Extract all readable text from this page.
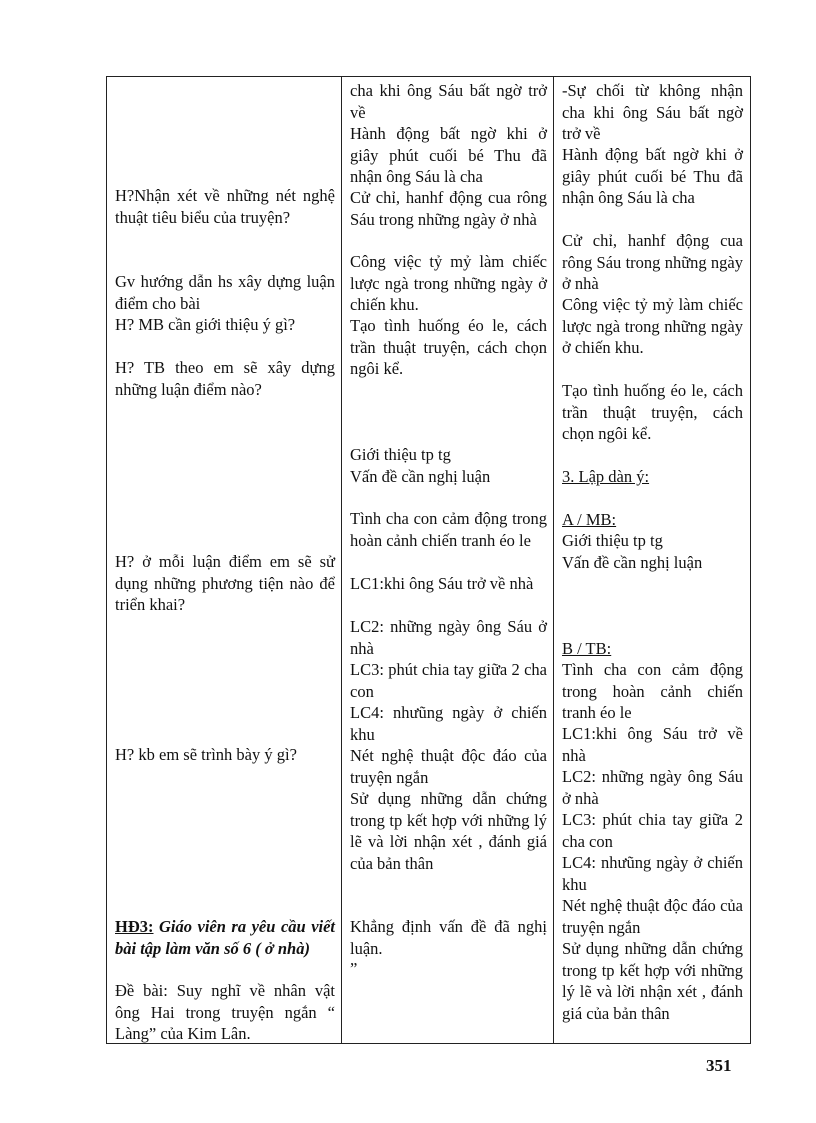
H?Nhận xét về những nét nghệ thuật tiêu biểu của truyện?
Gv hướng dẫn hs xây dựng luận điểm cho bài
H? MB cần giới thiệu ý gì?
H? TB theo em sẽ xây dựng những luận điểm nào?
H? ở mỗi luận điểm em sẽ sử dụng những phương tiện nào để triển khai?
H? kb em sẽ trình bày ý gì?
HĐ3: Giáo viên ra yêu cầu viết bài tập làm văn số 6 ( ở nhà)
Đề bài: Suy nghĩ về nhân vật ông Hai trong truyện ngắn “ Làng” của Kim Lân.
cha khi ông Sáu bất ngờ trở về
Hành động bất ngờ khi ở giây phút cuối bé Thu đã nhận ông Sáu là cha
Cử chỉ, hanhf động cua rông Sáu trong những ngày ở nhà
Công việc tỷ mỷ làm chiếc lược ngà trong những ngày ở chiến khu.
Tạo tình huống éo le, cách trần thuật truyện, cách chọn ngôi kể.
Giới thiệu tp tg
Vấn đề cần nghị luận
Tình cha con cảm động trong hoàn cảnh chiến tranh éo le
LC1:khi ông Sáu trở về nhà
LC2: những ngày ông Sáu ở nhà
LC3: phút chia tay giữa 2 cha con
LC4: nhưũng ngày ở chiến khu
Nét nghệ thuật độc đáo của truyện ngắn
Sử dụng những dẫn chứng trong tp kết hợp với những lý lẽ và lời nhận xét , đánh giá của bản thân
Khẳng định vấn đề đã nghị luận.
”
-Sự chối từ không nhận cha khi ông Sáu bất ngờ trở về
Hành động bất ngờ khi ở giây phút cuối bé Thu đã nhận ông Sáu là cha
Cử chỉ, hanhf động cua rông Sáu trong những ngày ở nhà
Công việc tỷ mỷ làm chiếc lược ngà trong những ngày ở chiến khu.
Tạo tình huống éo le, cách trần thuật truyện, cách chọn ngôi kể.
3. Lập dàn ý:
A / MB:
Giới thiệu tp tg
Vấn đề cần nghị luận
B / TB:
Tình cha con cảm động trong hoàn cảnh chiến tranh éo le
LC1:khi ông Sáu trở về nhà
LC2: những ngày ông Sáu ở nhà
LC3: phút chia tay giữa 2 cha con
LC4: nhưũng ngày ở chiến khu
Nét nghệ thuật độc đáo của truyện ngắn
Sử dụng những dẫn chứng trong tp kết hợp với những lý lẽ và lời nhận xét , đánh giá của bản thân
351
